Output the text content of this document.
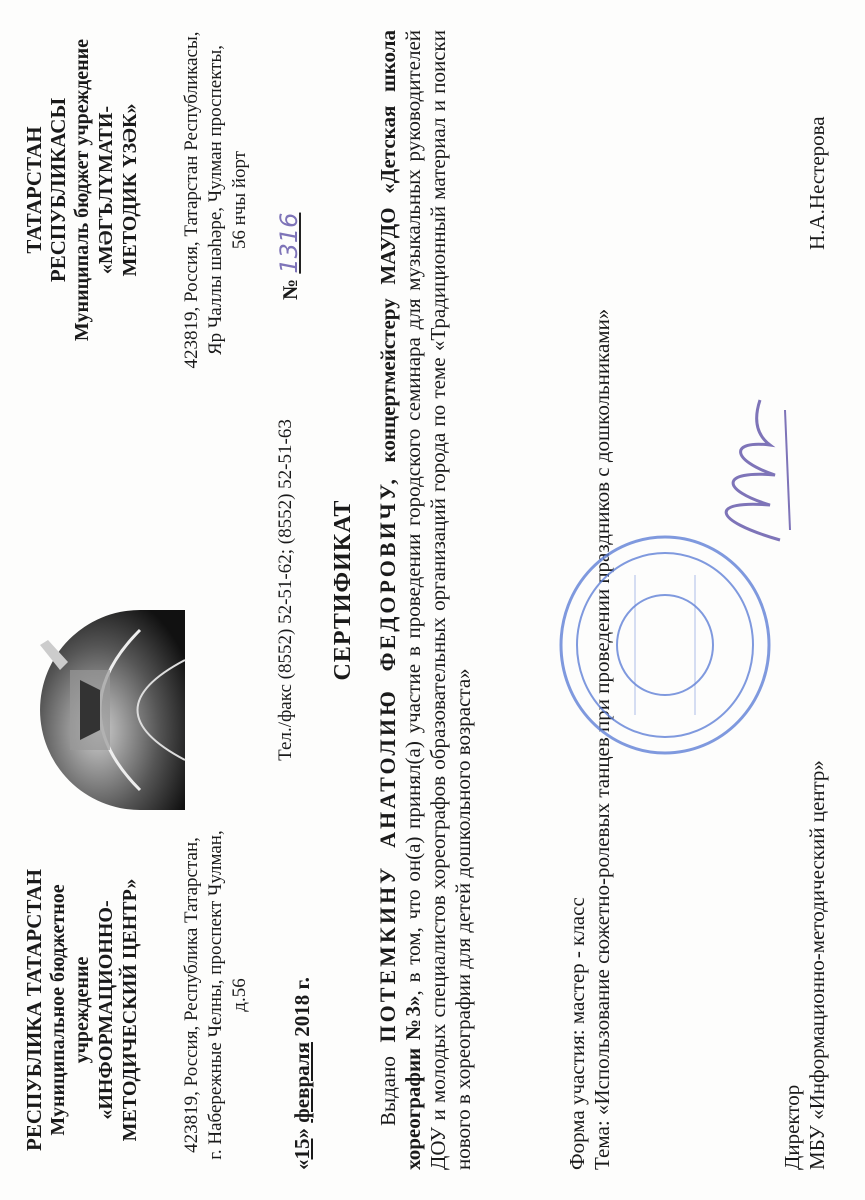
РЕСПУБЛИКА ТАТАРСТАН Муниципальное бюджетное учреждение «ИНФОРМАЦИОННО- МЕТОДИЧЕСКИЙ ЦЕНТР»
ТАТАРСТАН РЕСПУБЛИКАСЫ Муниципаль бюджет учреждение «МӘГЪЛҮМАТИ- МЕТОДИК ҮЗӘК»
423819, Россия, Республика Татарстан, г. Набережные Челны, проспект Чулман, д.56
423819, Россия, Татарстан Республикасы, Яр Чаллы шәһәре, Чулман проспекты, 56 нчы йорт
Тел./факс (8552) 52-51-62; (8552) 52-51-63
«15» февраля 2018 г.
№ 1316
СЕРТИФИКАТ
Выдано ПОТЕМКИНУ АНАТОЛИЮ ФЕДОРОВИЧУ, концертмейстеру МАУДО «Детская школа хореографии №3», в том, что он(а) принял(а) участие в проведении городского семинара для музыкальных руководителей ДОУ и молодых специалистов хореографов образовательных организаций города по теме «Традиционный материал и поиски нового в хореографии для детей дошкольного возраста»	Форма участия: мастер - класс Тема: «Использование сюжетно-ролевых танцев при проведении праздников с дошкольниками»	Директор МБУ «Информационно-методический центр»
Н.А.Нестерова
